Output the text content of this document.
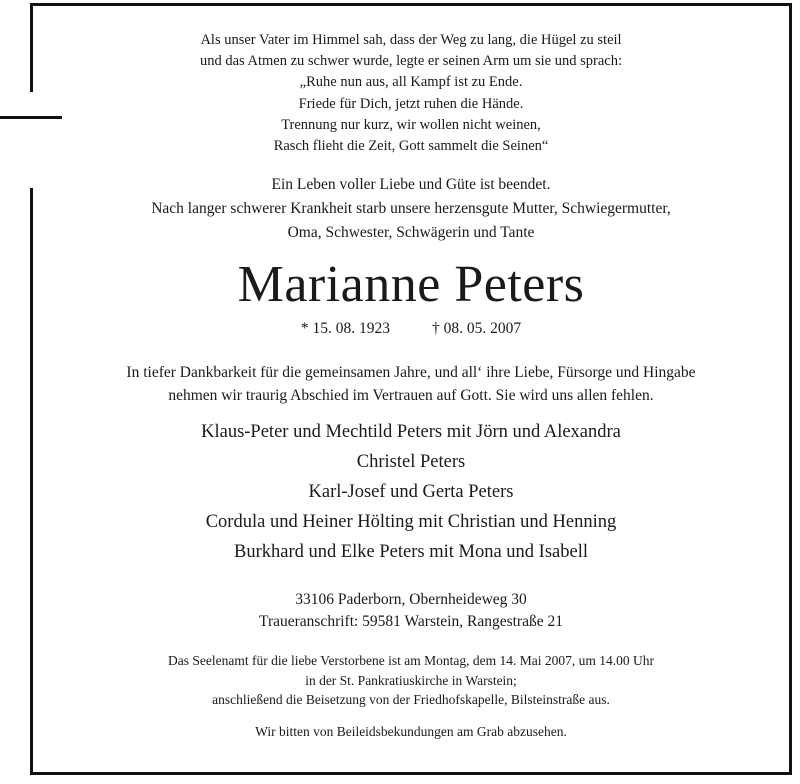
Als unser Vater im Himmel sah, dass der Weg zu lang, die Hügel zu steil
und das Atmen zu schwer wurde, legte er seinen Arm um sie und sprach:
„Ruhe nun aus, all Kampf ist zu Ende.
Friede für Dich, jetzt ruhen die Hände.
Trennung nur kurz, wir wollen nicht weinen,
Rasch flieht die Zeit, Gott sammelt die Seinen“
Ein Leben voller Liebe und Güte ist beendet.
Nach langer schwerer Krankheit starb unsere herzensgute Mutter, Schwiegermutter,
Oma, Schwester, Schwägerin und Tante
Marianne Peters
* 15. 08. 1923	† 08. 05. 2007
In tiefer Dankbarkeit für die gemeinsamen Jahre, und all‘ ihre Liebe, Fürsorge und Hingabe
nehmen wir traurig Abschied im Vertrauen auf Gott. Sie wird uns allen fehlen.
Klaus-Peter und Mechtild Peters mit Jörn und Alexandra
Christel Peters
Karl-Josef und Gerta Peters
Cordula und Heiner Hölting mit Christian und Henning
Burkhard und Elke Peters mit Mona und Isabell
33106 Paderborn, Obernheideweg 30
Traueranschrift: 59581 Warstein, Rangestraße 21
Das Seelenamt für die liebe Verstorbene ist am Montag, dem 14. Mai 2007, um 14.00 Uhr
in der St. Pankratiuskirche in Warstein;
anschließend die Beisetzung von der Friedhofskapelle, Bilsteinstraße aus.
Wir bitten von Beileidsbekundungen am Grab abzusehen.
